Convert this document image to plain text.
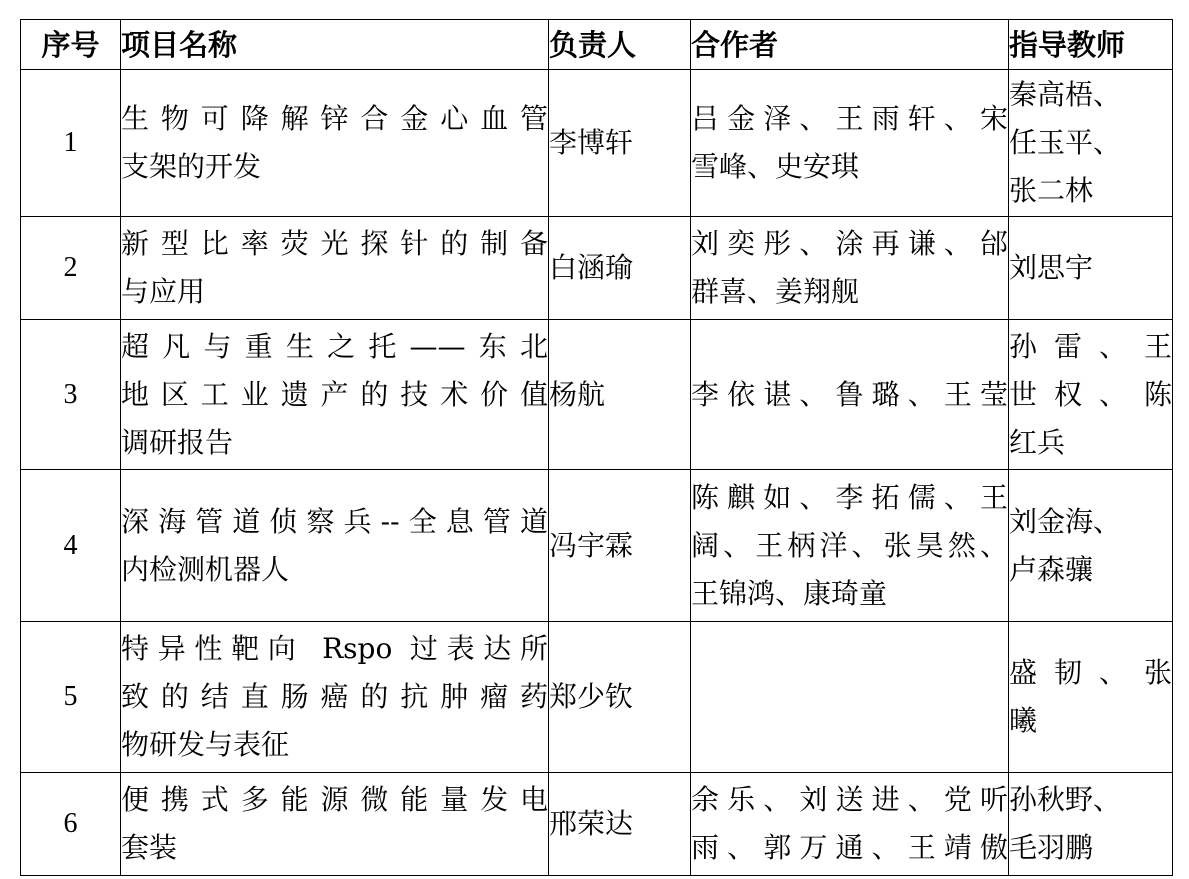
序号	项目名称	负责人	合作者	指导教师
1	生物可降解锌合金心血管
支架的开发	李博轩	吕金泽、王雨轩、宋
雪峰、史安琪	秦高梧、
任玉平、
张二林

2	新型比率荧光探针的制备
与应用	白涵瑜	刘奕彤、涂再谦、邰
群喜、姜翔舰	刘思宇

3	超凡与重生之托——东北
地区工业遗产的技术价值
调研报告	杨航	李依谌、鲁璐、王莹	孙雷、王
世权、陈
红兵

4	深海管道侦察兵--全息管道
内检测机器人	冯宇霖	陈麒如、李拓儒、王
阔、王柄洋、张昊然、
王锦鸿、康琦童	刘金海、
卢森骧

5	特异性靶向 Rspo 过表达所
致的结直肠癌的抗肿瘤药
物研发与表征	郑少钦		盛韧、张
曦

6	便携式多能源微能量发电
套装	邢荣达	余乐、刘送进、党听
雨、郭万通、王靖傲	孙秋野、
毛羽鹏
